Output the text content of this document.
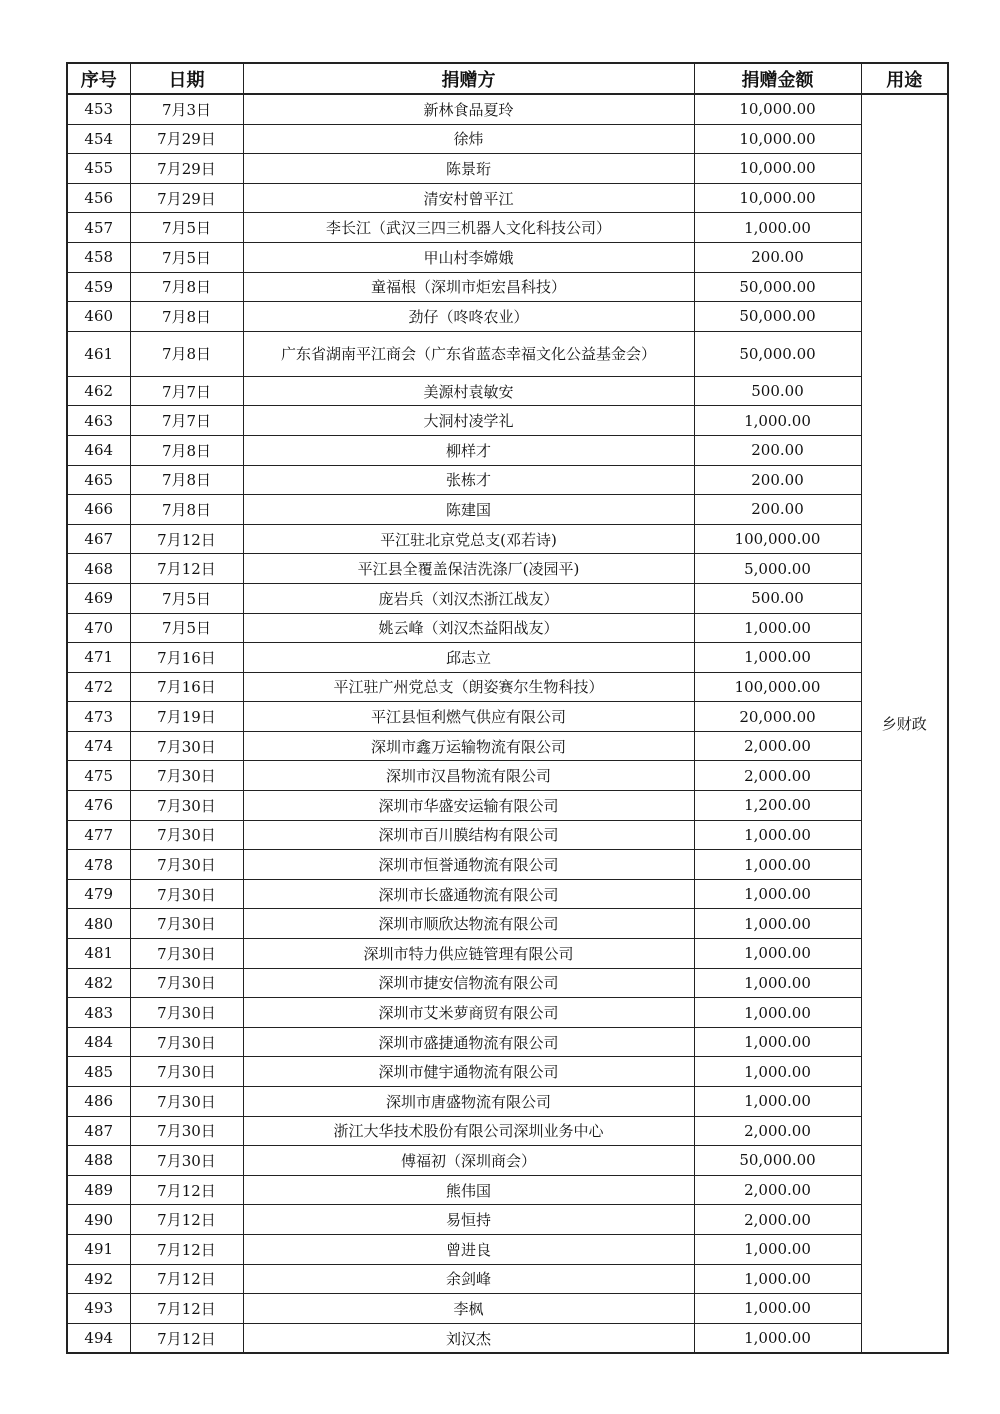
序号	日期	捐赠方	捐赠金额	用途
453	7月3日	新林食品夏玲	10,000.00	乡财政
454	7月29日	徐炜	10,000.00	
455	7月29日	陈景珩	10,000.00	
456	7月29日	清安村曾平江	10,000.00	
457	7月5日	李长江（武汉三四三机器人文化科技公司）	1,000.00	
458	7月5日	甲山村李嫦娥	200.00	
459	7月8日	童福根（深圳市炬宏昌科技）	50,000.00	
460	7月8日	劲仔（咚咚农业）	50,000.00	
461	7月8日	广东省湖南平江商会（广东省蓝态幸福文化公益基金会）	50,000.00	
462	7月7日	美源村袁敏安	500.00	
463	7月7日	大洞村凌学礼	1,000.00	
464	7月8日	柳样才	200.00	
465	7月8日	张栋才	200.00	
466	7月8日	陈建国	200.00	
467	7月12日	平江驻北京党总支(邓若诗)	100,000.00	
468	7月12日	平江县全覆盖保洁洗涤厂(凌园平)	5,000.00	
469	7月5日	庞岩兵（刘汉杰浙江战友）	500.00	
470	7月5日	姚云峰（刘汉杰益阳战友）	1,000.00	
471	7月16日	邱志立	1,000.00	
472	7月16日	平江驻广州党总支（朗姿赛尔生物科技）	100,000.00	
473	7月19日	平江县恒利燃气供应有限公司	20,000.00	
474	7月30日	深圳市鑫万运输物流有限公司	2,000.00	
475	7月30日	深圳市汉昌物流有限公司	2,000.00	
476	7月30日	深圳市华盛安运输有限公司	1,200.00	
477	7月30日	深圳市百川膜结构有限公司	1,000.00	
478	7月30日	深圳市恒誉通物流有限公司	1,000.00	
479	7月30日	深圳市长盛通物流有限公司	1,000.00	
480	7月30日	深圳市顺欣达物流有限公司	1,000.00	
481	7月30日	深圳市特力供应链管理有限公司	1,000.00	
482	7月30日	深圳市捷安信物流有限公司	1,000.00	
483	7月30日	深圳市艾米萝商贸有限公司	1,000.00	
484	7月30日	深圳市盛捷通物流有限公司	1,000.00	
485	7月30日	深圳市健宇通物流有限公司	1,000.00	
486	7月30日	深圳市唐盛物流有限公司	1,000.00	
487	7月30日	浙江大华技术股份有限公司深圳业务中心	2,000.00	
488	7月30日	傅福初（深圳商会）	50,000.00	
489	7月12日	熊伟国	2,000.00	
490	7月12日	易恒持	2,000.00	
491	7月12日	曾进良	1,000.00	
492	7月12日	余剑峰	1,000.00	
493	7月12日	李枫	1,000.00	
494	7月12日	刘汉杰	1,000.00	
